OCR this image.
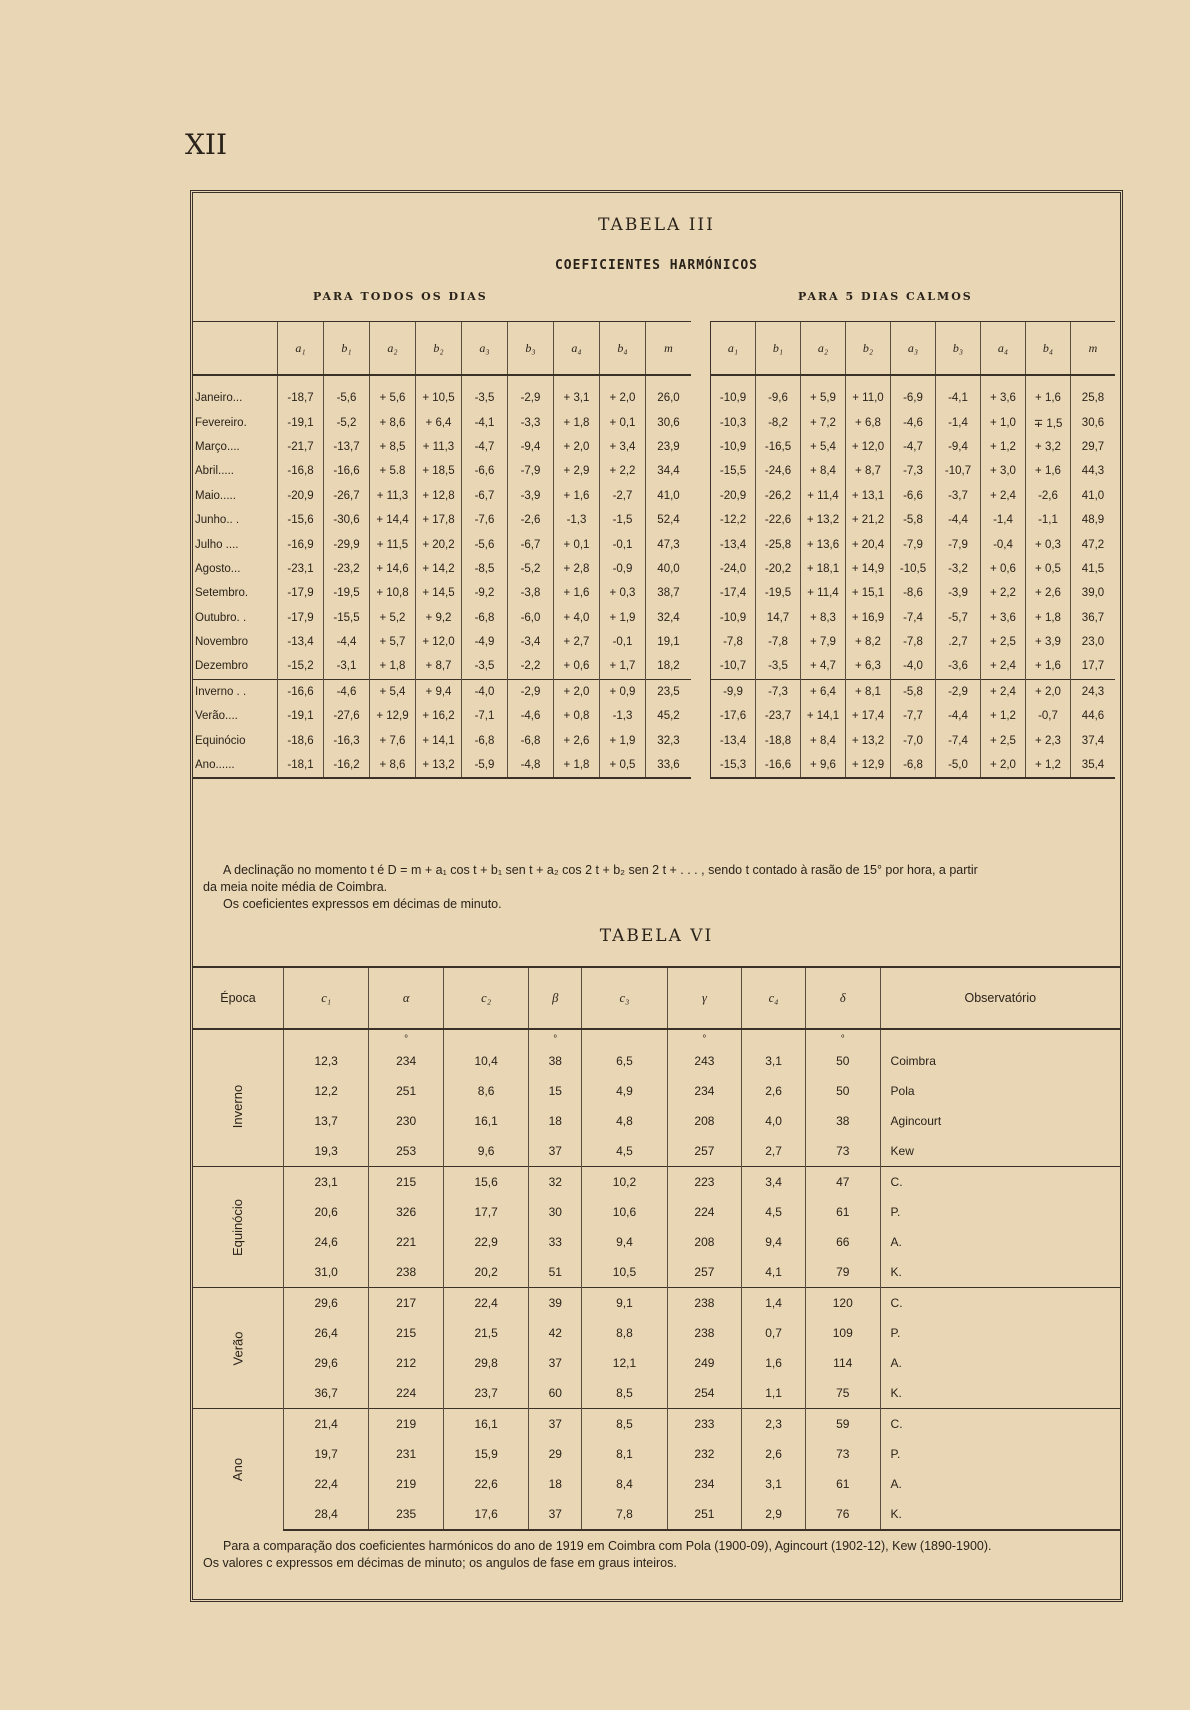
XII
TABELA III
COEFICIENTES HARMÓNICOS
PARA TODOS OS DIAS	PARA 5 DIAS CALMOS
	a₁	b₁	a₂	b₂	a₃	b₃	a₄	b₄	m
Janeiro...	-18,7	-5,6	+ 5,6	+ 10,5	-3,5	-2,9	+ 3,1	+ 2,0	26,0
Fevereiro.	-19,1	-5,2	+ 8,6	+ 6,4	-4,1	-3,3	+ 1,8	+ 0,1	30,6
Março....	-21,7	-13,7	+ 8,5	+ 11,3	-4,7	-9,4	+ 2,0	+ 3,4	23,9
Abril.....	-16,8	-16,6	+ 5.8	+ 18,5	-6,6	-7,9	+ 2,9	+ 2,2	34,4
Maio.....	-20,9	-26,7	+ 11,3	+ 12,8	-6,7	-3,9	+ 1,6	-2,7	41,0
Junho.. .	-15,6	-30,6	+ 14,4	+ 17,8	-7,6	-2,6	-1,3	-1,5	52,4
Julho ....	-16,9	-29,9	+ 11,5	+ 20,2	-5,6	-6,7	+ 0,1	-0,1	47,3
Agosto...	-23,1	-23,2	+ 14,6	+ 14,2	-8,5	-5,2	+ 2,8	-0,9	40,0
Setembro.	-17,9	-19,5	+ 10,8	+ 14,5	-9,2	-3,8	+ 1,6	+ 0,3	38,7
Outubro. .	-17,9	-15,5	+ 5,2	+ 9,2	-6,8	-6,0	+ 4,0	+ 1,9	32,4
Novembro	-13,4	-4,4	+ 5,7	+ 12,0	-4,9	-3,4	+ 2,7	-0,1	19,1
Dezembro	-15,2	-3,1	+ 1,8	+ 8,7	-3,5	-2,2	+ 0,6	+ 1,7	18,2
Inverno . .	-16,6	-4,6	+ 5,4	+ 9,4	-4,0	-2,9	+ 2,0	+ 0,9	23,5
Verão....	-19,1	-27,6	+ 12,9	+ 16,2	-7,1	-4,6	+ 0,8	-1,3	45,2
Equinócio	-18,6	-16,3	+ 7,6	+ 14,1	-6,8	-6,8	+ 2,6	+ 1,9	32,3
Ano......	-18,1	-16,2	+ 8,6	+ 13,2	-5,9	-4,8	+ 1,8	+ 0,5	33,6
a₁	b₁	a₂	b₂	a₃	b₃	a₄	b₄	m
-10,9	-9,6	+ 5,9	+ 11,0	-6,9	-4,1	+ 3,6	+ 1,6	25,8
-10,3	-8,2	+ 7,2	+ 6,8	-4,6	-1,4	+ 1,0	∓ 1,5	30,6
-10,9	-16,5	+ 5,4	+ 12,0	-4,7	-9,4	+ 1,2	+ 3,2	29,7
-15,5	-24,6	+ 8,4	+ 8,7	-7,3	-10,7	+ 3,0	+ 1,6	44,3
-20,9	-26,2	+ 11,4	+ 13,1	-6,6	-3,7	+ 2,4	-2,6	41,0
-12,2	-22,6	+ 13,2	+ 21,2	-5,8	-4,4	-1,4	-1,1	48,9
-13,4	-25,8	+ 13,6	+ 20,4	-7,9	-7,9	-0,4	+ 0,3	47,2
-24,0	-20,2	+ 18,1	+ 14,9	-10,5	-3,2	+ 0,6	+ 0,5	41,5
-17,4	-19,5	+ 11,4	+ 15,1	-8,6	-3,9	+ 2,2	+ 2,6	39,0
-10,9	14,7	+ 8,3	+ 16,9	-7,4	-5,7	+ 3,6	+ 1,8	36,7
-7,8	-7,8	+ 7,9	+ 8,2	-7,8	.2,7	+ 2,5	+ 3,9	23,0
-10,7	-3,5	+ 4,7	+ 6,3	-4,0	-3,6	+ 2,4	+ 1,6	17,7
-9,9	-7,3	+ 6,4	+ 8,1	-5,8	-2,9	+ 2,4	+ 2,0	24,3
-17,6	-23,7	+ 14,1	+ 17,4	-7,7	-4,4	+ 1,2	-0,7	44,6
-13,4	-18,8	+ 8,4	+ 13,2	-7,0	-7,4	+ 2,5	+ 2,3	37,4
-15,3	-16,6	+ 9,6	+ 12,9	-6,8	-5,0	+ 2,0	+ 1,2	35,4
A declinação no momento t é D = m + a₁ cos t + b₁ sen t + a₂ cos 2 t + b₂ sen 2 t + . . . , sendo t contado à rasão de 15° por hora, a partir
da meia noite média de Coimbra.
Os coeficientes expressos em décimas de minuto.
TABELA VI
Época	c₁	α	c₂	β	c₃	γ	c₄	δ	Observatório
		°		°		°		°	
Inverno	12,3	234	10,4	38	6,5	243	3,1	50	Coimbra
	12,2	251	8,6	15	4,9	234	2,6	50	Pola
	13,7	230	16,1	18	4,8	208	4,0	38	Agincourt
	19,3	253	9,6	37	4,5	257	2,7	73	Kew
Equinócio	23,1	215	15,6	32	10,2	223	3,4	47	C.
	20,6	326	17,7	30	10,6	224	4,5	61	P.
	24,6	221	22,9	33	9,4	208	9,4	66	A.
	31,0	238	20,2	51	10,5	257	4,1	79	K.
Verão	29,6	217	22,4	39	9,1	238	1,4	120	C.
	26,4	215	21,5	42	8,8	238	0,7	109	P.
	29,6	212	29,8	37	12,1	249	1,6	114	A.
	36,7	224	23,7	60	8,5	254	1,1	75	K.
Ano	21,4	219	16,1	37	8,5	233	2,3	59	C.
	19,7	231	15,9	29	8,1	232	2,6	73	P.
	22,4	219	22,6	18	8,4	234	3,1	61	A.
	28,4	235	17,6	37	7,8	251	2,9	76	K.
Para a comparação dos coeficientes harmónicos do ano de 1919 em Coimbra com Pola (1900-09), Agincourt (1902-12), Kew (1890-1900).
Os valores c expressos em décimas de minuto; os angulos de fase em graus inteiros.
